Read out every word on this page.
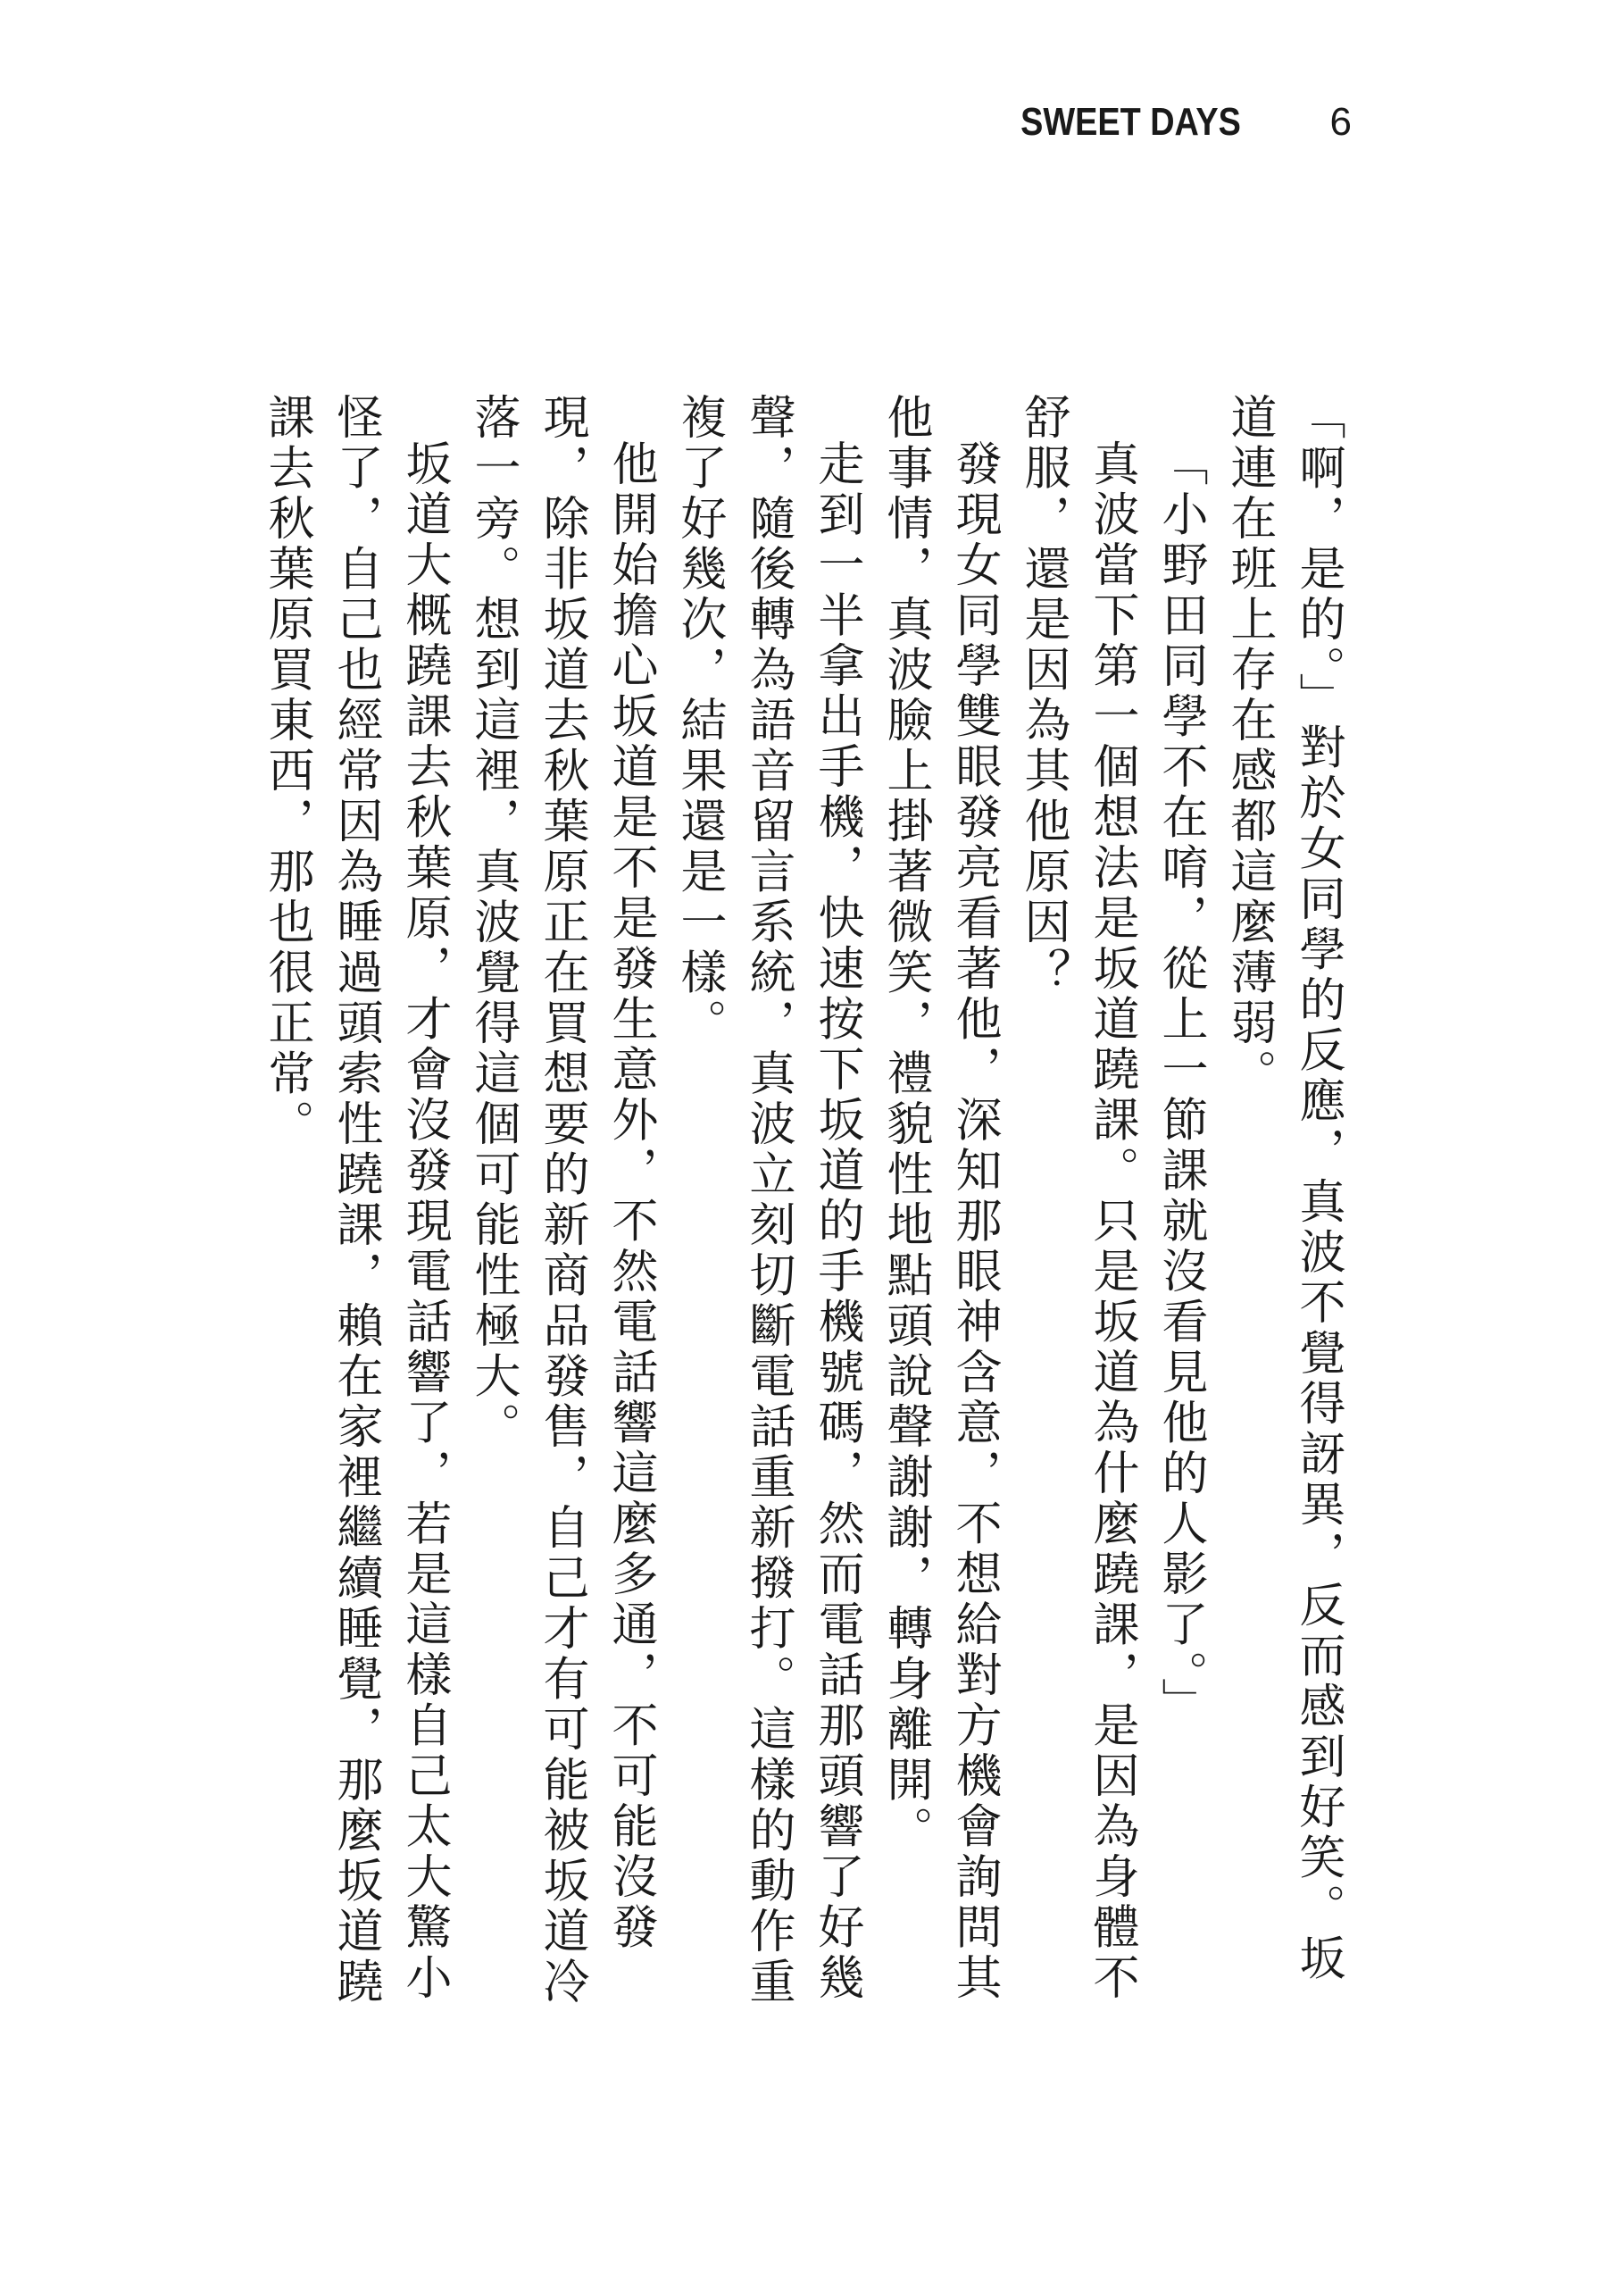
SWEET DAYS 6

「啊，是的。」對於女同學的反應，真波不覺得訝異，反而感到好笑。坂道連在班上存在感都這麼薄弱。

「小野田同學不在唷，從上一節課就沒看見他的人影了。」

真波當下第一個想法是坂道蹺課。只是坂道為什麼蹺課，是因為身體不舒服，還是因為其他原因？

發現女同學雙眼發亮看著他，深知那眼神含意，不想給對方機會詢問其他事情，真波臉上掛著微笑，禮貌性地點頭說聲謝謝，轉身離開。

走到一半拿出手機，快速按下坂道的手機號碼，然而電話那頭響了好幾聲，隨後轉為語音留言系統，真波立刻切斷電話重新撥打。這樣的動作重複了好幾次，結果還是一樣。

他開始擔心坂道是不是發生意外，不然電話響這麼多通，不可能沒發現，除非坂道去秋葉原正在買想要的新商品發售，自己才有可能被坂道冷落一旁。想到這裡，真波覺得這個可能性極大。

坂道大概蹺課去秋葉原，才會沒發現電話響了，若是這樣自己太大驚小怪了，自己也經常因為睡過頭索性蹺課，賴在家裡繼續睡覺，那麼坂道蹺課去秋葉原買東西，那也很正常。
